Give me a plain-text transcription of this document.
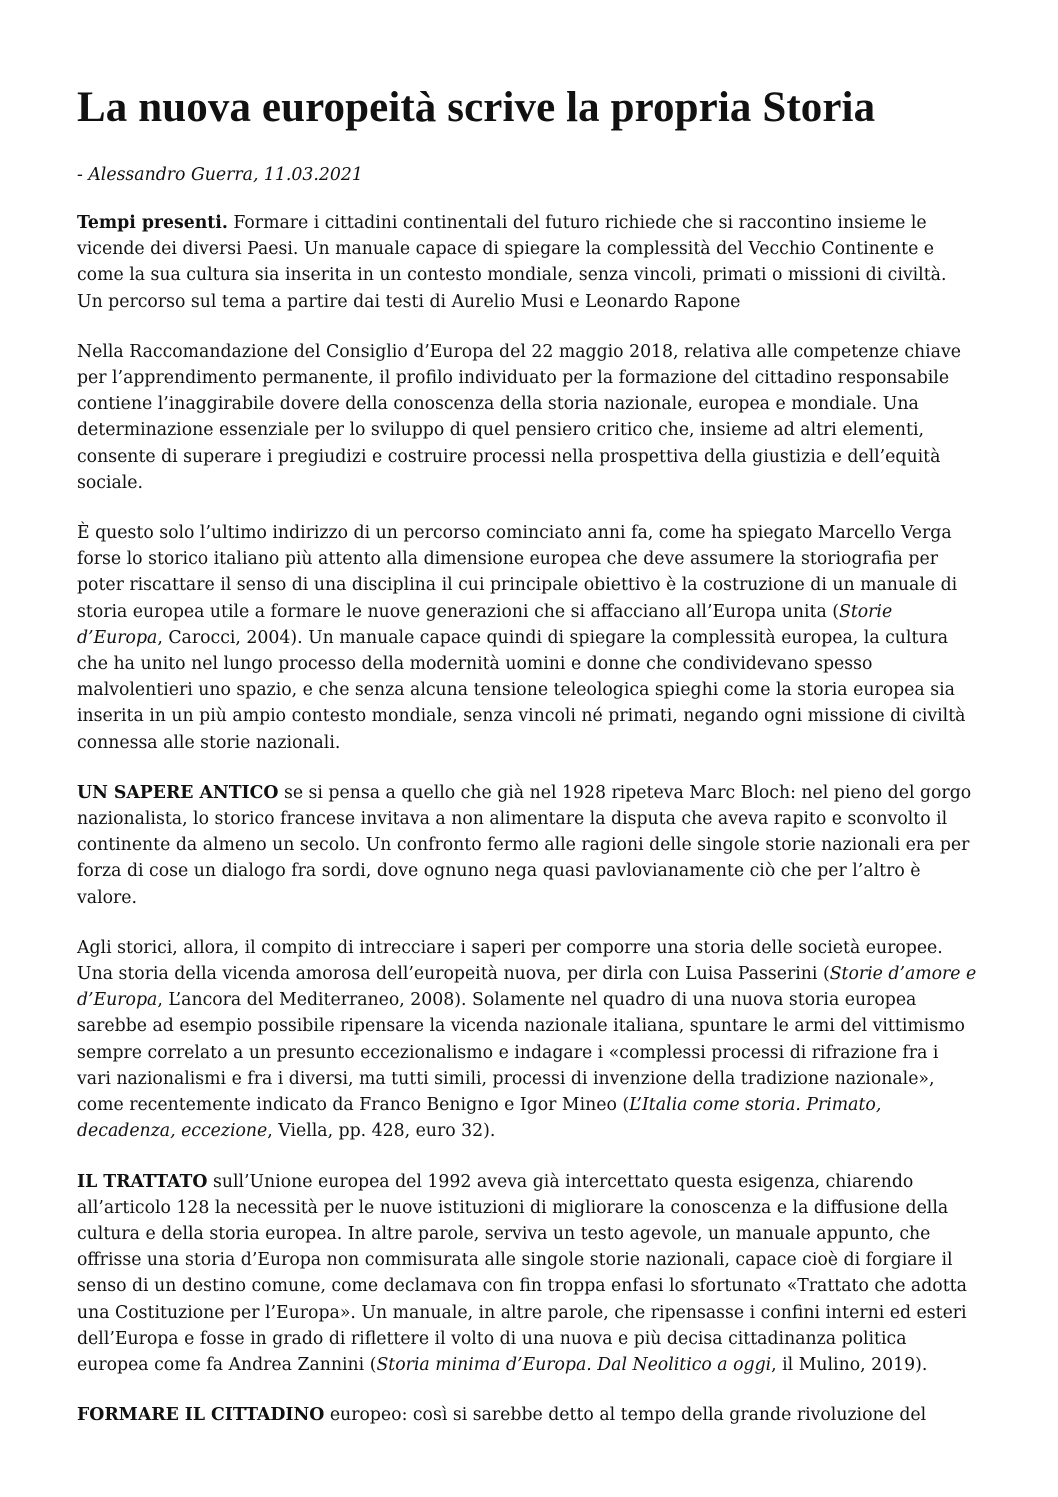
La nuova europeità scrive la propria Storia
- Alessandro Guerra, 11.03.2021

Tempi presenti. Formare i cittadini continentali del futuro richiede che si raccontino insieme le vicende dei diversi Paesi. Un manuale capace di spiegare la complessità del Vecchio Continente e come la sua cultura sia inserita in un contesto mondiale, senza vincoli, primati o missioni di civiltà. Un percorso sul tema a partire dai testi di Aurelio Musi e Leonardo Rapone

Nella Raccomandazione del Consiglio d’Europa del 22 maggio 2018, relativa alle competenze chiave per l’apprendimento permanente, il profilo individuato per la formazione del cittadino responsabile contiene l’inaggirabile dovere della conoscenza della storia nazionale, europea e mondiale. Una determinazione essenziale per lo sviluppo di quel pensiero critico che, insieme ad altri elementi, consente di superare i pregiudizi e costruire processi nella prospettiva della giustizia e dell’equità sociale.

È questo solo l’ultimo indirizzo di un percorso cominciato anni fa, come ha spiegato Marcello Verga forse lo storico italiano più attento alla dimensione europea che deve assumere la storiografia per poter riscattare il senso di una disciplina il cui principale obiettivo è la costruzione di un manuale di storia europea utile a formare le nuove generazioni che si affacciano all’Europa unita (Storie d’Europa, Carocci, 2004). Un manuale capace quindi di spiegare la complessità europea, la cultura che ha unito nel lungo processo della modernità uomini e donne che condividevano spesso malvolentieri uno spazio, e che senza alcuna tensione teleologica spieghi come la storia europea sia inserita in un più ampio contesto mondiale, senza vincoli né primati, negando ogni missione di civiltà connessa alle storie nazionali.

UN SAPERE ANTICO se si pensa a quello che già nel 1928 ripeteva Marc Bloch: nel pieno del gorgo nazionalista, lo storico francese invitava a non alimentare la disputa che aveva rapito e sconvolto il continente da almeno un secolo. Un confronto fermo alle ragioni delle singole storie nazionali era per forza di cose un dialogo fra sordi, dove ognuno nega quasi pavlovianamente ciò che per l’altro è valore.

Agli storici, allora, il compito di intrecciare i saperi per comporre una storia delle società europee. Una storia della vicenda amorosa dell’europeità nuova, per dirla con Luisa Passerini (Storie d’amore e d’Europa, L’ancora del Mediterraneo, 2008). Solamente nel quadro di una nuova storia europea sarebbe ad esempio possibile ripensare la vicenda nazionale italiana, spuntare le armi del vittimismo sempre correlato a un presunto eccezionalismo e indagare i «complessi processi di rifrazione fra i vari nazionalismi e fra i diversi, ma tutti simili, processi di invenzione della tradizione nazionale», come recentemente indicato da Franco Benigno e Igor Mineo (L’Italia come storia. Primato, decadenza, eccezione, Viella, pp. 428, euro 32).

IL TRATTATO sull’Unione europea del 1992 aveva già intercettato questa esigenza, chiarendo all’articolo 128 la necessità per le nuove istituzioni di migliorare la conoscenza e la diffusione della cultura e della storia europea. In altre parole, serviva un testo agevole, un manuale appunto, che offrisse una storia d’Europa non commisurata alle singole storie nazionali, capace cioè di forgiare il senso di un destino comune, come declamava con fin troppa enfasi lo sfortunato «Trattato che adotta una Costituzione per l’Europa». Un manuale, in altre parole, che ripensasse i confini interni ed esteri dell’Europa e fosse in grado di riflettere il volto di una nuova e più decisa cittadinanza politica europea come fa Andrea Zannini (Storia minima d’Europa. Dal Neolitico a oggi, il Mulino, 2019).

FORMARE IL CITTADINO europeo: così si sarebbe detto al tempo della grande rivoluzione del
